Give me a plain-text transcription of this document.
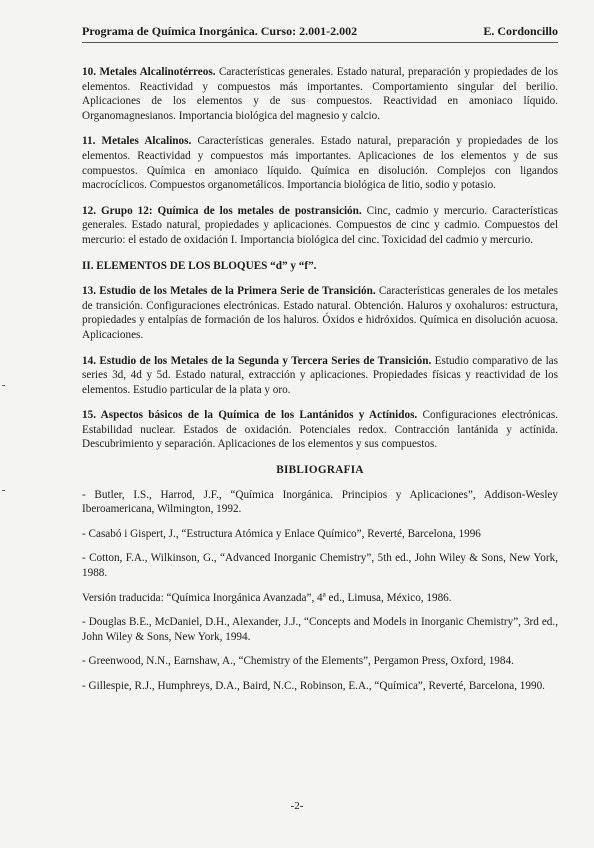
Programa de Química Inorgánica. Curso: 2.001-2.002	E. Cordoncillo

10. Metales Alcalinotérreos. Características generales. Estado natural, preparación y propiedades de los elementos. Reactividad y compuestos más importantes. Comportamiento singular del berilio. Aplicaciones de los elementos y de sus compuestos. Reactividad en amoniaco líquido. Organomagnesianos. Importancia biológica del magnesio y calcio.

11. Metales Alcalinos. Características generales. Estado natural, preparación y propiedades de los elementos. Reactividad y compuestos más importantes. Aplicaciones de los elementos y de sus compuestos. Química en amoniaco líquido. Química en disolución. Complejos con ligandos macrocíclicos. Compuestos organometálicos. Importancia biológica de litio, sodio y potasio.

12. Grupo 12: Química de los metales de postransición. Cinc, cadmio y mercurio. Características generales. Estado natural, propiedades y aplicaciones. Compuestos de cinc y cadmio. Compuestos del mercurio: el estado de oxidación I. Importancia biológica del cinc. Toxicidad del cadmio y mercurio.

II. ELEMENTOS DE LOS BLOQUES “d” y “f”.

13. Estudio de los Metales de la Primera Serie de Transición. Características generales de los metales de transición. Configuraciones electrónicas. Estado natural. Obtención. Haluros y oxohaluros: estructura, propiedades y entalpías de formación de los haluros. Óxidos e hidróxidos. Química en disolución acuosa. Aplicaciones.

14. Estudio de los Metales de la Segunda y Tercera Series de Transición. Estudio comparativo de las series 3d, 4d y 5d. Estado natural, extracción y aplicaciones. Propiedades físicas y reactividad de los elementos. Estudio particular de la plata y oro.

15. Aspectos básicos de la Química de los Lantánidos y Actínidos. Configuraciones electrónicas. Estabilidad nuclear. Estados de oxidación. Potenciales redox. Contracción lantánida y actínida. Descubrimiento y separación. Aplicaciones de los elementos y sus compuestos.

BIBLIOGRAFIA

- Butler, I.S., Harrod, J.F., “Química Inorgánica. Principios y Aplicaciones”, Addison-Wesley Iberoamericana, Wilmington, 1992.

- Casabó i Gispert, J., “Estructura Atómica y Enlace Químico”, Reverté, Barcelona, 1996

- Cotton, F.A., Wilkinson, G., “Advanced Inorganic Chemistry”, 5th ed., John Wiley & Sons, New York, 1988.

Versión traducida: “Química Inorgánica Avanzada”, 4ª ed., Limusa, México, 1986.

- Douglas B.E., McDaniel, D.H., Alexander, J.J., “Concepts and Models in Inorganic Chemistry”, 3rd ed., John Wiley & Sons, New York, 1994.

- Greenwood, N.N., Earnshaw, A., “Chemistry of the Elements”, Pergamon Press, Oxford, 1984.

- Gillespie, R.J., Humphreys, D.A., Baird, N.C., Robinson, E.A., “Química”, Reverté, Barcelona, 1990.

-2-
